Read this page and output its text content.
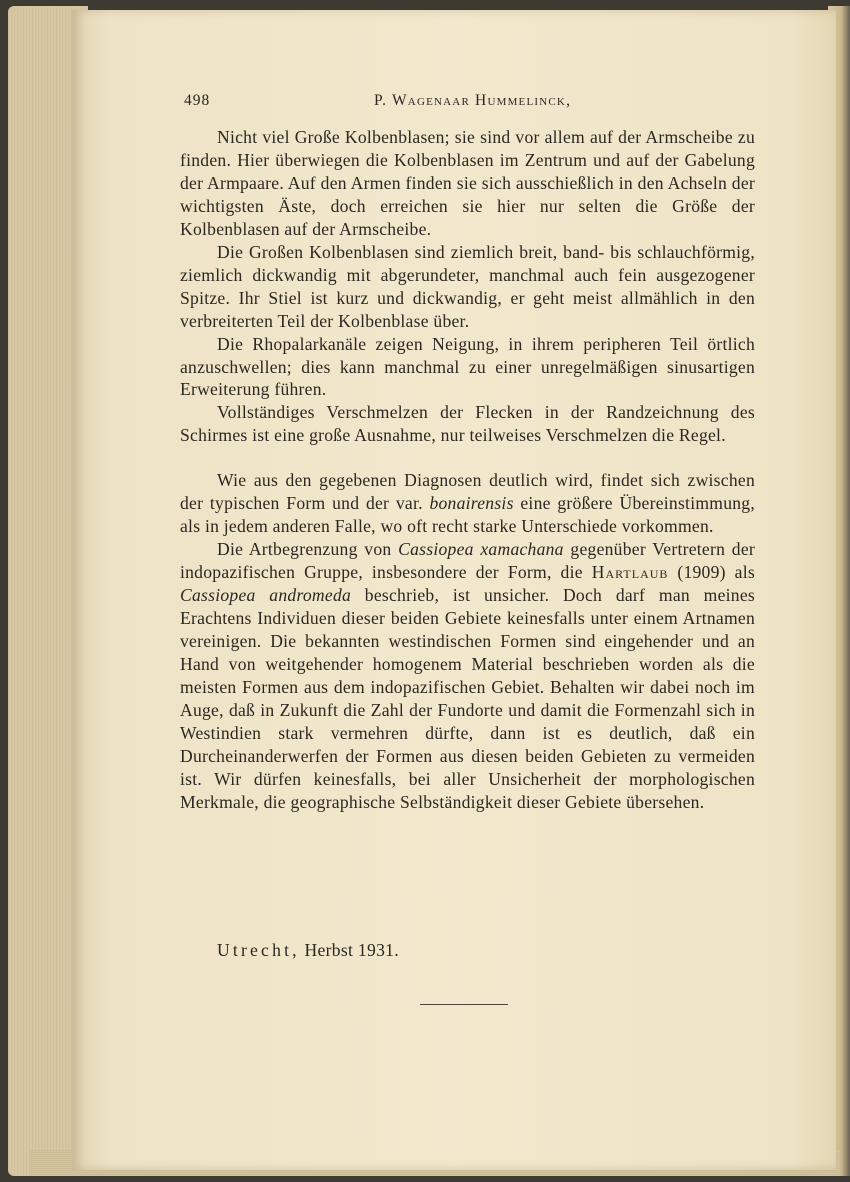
498	P. Wagenaar Hummelinck,

Nicht viel Große Kolbenblasen; sie sind vor allem auf der Armscheibe zu finden. Hier überwiegen die Kolbenblasen im Zentrum und auf der Gabelung der Armpaare. Auf den Armen finden sie sich ausschießlich in den Achseln der wichtigsten Äste, doch erreichen sie hier nur selten die Größe der Kolbenblasen auf der Armscheibe.

Die Großen Kolbenblasen sind ziemlich breit, band- bis schlauchförmig, ziemlich dickwandig mit abgerundeter, manchmal auch fein ausgezogener Spitze. Ihr Stiel ist kurz und dickwandig, er geht meist allmählich in den verbreiterten Teil der Kolbenblase über.

Die Rhopalarkanäle zeigen Neigung, in ihrem peripheren Teil örtlich anzuschwellen; dies kann manchmal zu einer unregelmäßigen sinusartigen Erweiterung führen.

Vollständiges Verschmelzen der Flecken in der Randzeichnung des Schirmes ist eine große Ausnahme, nur teilweises Verschmelzen die Regel.

Wie aus den gegebenen Diagnosen deutlich wird, findet sich zwischen der typischen Form und der var. bonairensis eine größere Übereinstimmung, als in jedem anderen Falle, wo oft recht starke Unterschiede vorkommen.

Die Artbegrenzung von Cassiopea xamachana gegenüber Vertretern der indopazifischen Gruppe, insbesondere der Form, die Hartlaub (1909) als Cassiopea andromeda beschrieb, ist unsicher. Doch darf man meines Erachtens Individuen dieser beiden Gebiete keinesfalls unter einem Artnamen vereinigen. Die bekannten westindischen Formen sind eingehender und an Hand von weitgehender homogenem Material beschrieben worden als die meisten Formen aus dem indopazifischen Gebiet. Behalten wir dabei noch im Auge, daß in Zukunft die Zahl der Fundorte und damit die Formenzahl sich in Westindien stark vermehren dürfte, dann ist es deutlich, daß ein Durcheinanderwerfen der Formen aus diesen beiden Gebieten zu vermeiden ist. Wir dürfen keinesfalls, bei aller Unsicherheit der morphologischen Merkmale, die geographische Selbständigkeit dieser Gebiete übersehen.

Utrecht, Herbst 1931.
